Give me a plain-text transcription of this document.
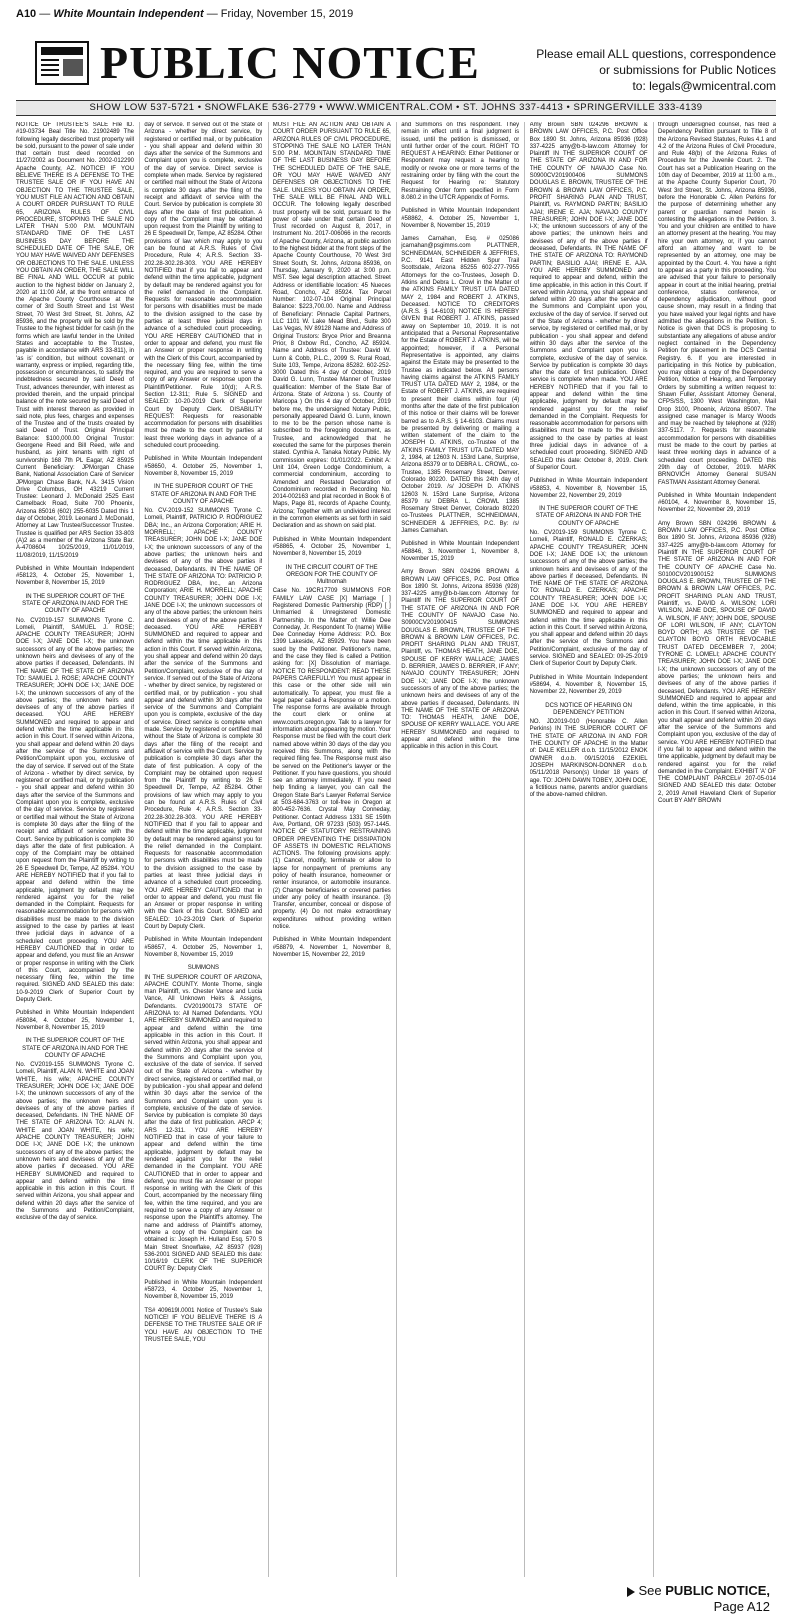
A10 — White Mountain Independent — Friday, November 15, 2019
PUBLIC NOTICE	Please email ALL questions, correspondence
or submissions for Public Notices
to: legals@wmicentral.com
SHOW LOW 537-5721 • SNOWFLAKE 536-2779 • WWW.WMICENTRAL.COM • ST. JOHNS 337-4413 • SPRINGERVILLE 333-4139
NOTICE OF TRUSTEE'S SALE File ID. #19-03734 Beal Title No. 21902489 The following legally described trust property will be sold, pursuant to the power of sale under that certain trust deed recorded on 11/27/2002 as Document No. 2002-012290 Apache County, AZ. NOTICE! IF YOU BELIEVE THERE IS A DEFENSE TO THE TRUSTEE SALE OR IF YOU HAVE AN OBJECTION TO THE TRUSTEE SALE, YOU MUST FILE AN ACTION AND OBTAIN A COURT ORDER PURSUANT TO RULE 65, ARIZONA RULES OF CIVIL PROCEDURE, STOPPING THE SALE NO LATER THAN 5:00 P.M. MOUNTAIN STANDARD TIME OF THE LAST BUSINESS DAY BEFORE THE SCHEDULED DATE OF THE SALE, OR YOU MAY HAVE WAIVED ANY DEFENSES OR OBJECTIONS TO THE SALE. UNLESS YOU OBTAIN AN ORDER, THE SALE WILL BE FINAL AND WILL OCCUR at public auction to the highest bidder on January 2, 2020 at 11:00 AM, at the front entrance of the Apache County Courthouse at the corner of 3rd South Street and 1st West Street, 70 West 3rd Street, St. Johns, AZ 85936, and the property will be sold by the Trustee to the highest bidder for cash (in the forms which are lawful tender in the United States and acceptable to the Trustee, payable in accordance with ARS 33-811), in 'as is' condition, but without covenant or warranty, express or implied, regarding title, possession or encumbrances, to satisfy the indebtedness secured by said Deed of Trust, advances thereunder, with interest as provided therein, and the unpaid principal balance of the note secured by said Deed of Trust with interest thereon as provided in said note, plus fees, charges and expenses of the Trustee and of the trusts created by said Deed of Trust. Original Principal Balance: $100,000.00 Original Trustor: Georgene Reed and Bill Reed, wife and husband, as joint tenants with right of survivorship 168 7th PL Eagar, AZ 85925 Current Beneficiary: JPMorgan Chase Bank, National Association Care of Servicer JPMorgan Chase Bank, N.A. 3415 Vision Drive Columbus, OH 43219 Current Trustee: Leonard J. McDonald 2525 East Camelback Road, Suite 700 Phoenix, Arizona 85016 (602) 255-6035 Dated this 1 day of October, 2019. Leonard J. McDonald, Attorney at Law Trustee/Successor Trustee. Trustee is qualified per ARS Section 33-803 (A)2 as a member of the Arizona State Bar. A-4708604 10/25/2019, 11/01/2019, 11/08/2019, 11/15/2019
Published in White Mountain Independent #58123, 4. October 25, November 1, November 8, November 15, 2019
IN THE SUPERIOR COURT OF THE STATE OF ARIZONA IN AND FOR THE COUNTY OF APACHE
No. CV2019-157 SUMMONS Tyrone C. Lomeli, Plaintiff, SAMUEL J. ROSE; APACHE COUNTY TREASURER; JOHN DOE I-X; JANE DOE I-X; the unknown successors of any of the above parties; the unknown heirs and devisees of any of the above parties if deceased, Defendants. IN THE NAME OF THE STATE OF ARIZONA TO: SAMUEL J. ROSE; APACHE COUNTY TREASURER; JOHN DOE I-X; JANE DOE I-X; the unknown successors of any of the above parties; the unknown heirs and devisees of any of the above parties if deceased. YOU ARE HEREBY SUMMONED and required to appear and defend within the time applicable in this action in this Court. If served within Arizona, you shall appear and defend within 20 days after the service of the Summons and Petition/Complaint upon you, exclusive of the day of service. If served out of the State of Arizona - whether by direct service, by registered or certified mail, or by publication - you shall appear and defend within 30 days after the service of the Summons and Complaint upon you is complete, exclusive of the day of service. Service by registered or certified mail without the State of Arizona is complete 30 days after the filing of the receipt and affidavit of service with the Court. Service by publication is complete 30 days after the date of first publication. A copy of the Complaint may be obtained upon request from the Plaintiff by writing to 26 E Speedwell Dr, Tempe, AZ 85284. YOU ARE HEREBY NOTIFIED that if you fail to appear and defend within the time applicable, judgment by default may be rendered against you for the relief demanded in the Complaint. Requests for reasonable accommodation for persons with disabilities must be made to the division assigned to the case by parties at least three judicial days in advance of a scheduled court proceeding. YOU ARE HEREBY CAUTIONED that in order to appear and defend, you must file an Answer or proper response in writing with the Clerk of this Court, accompanied by the necessary filing fee, within the time required. SIGNED AND SEALED this date: 10-9-2019 Clerk of Superior Court by Deputy Clerk.
Published in White Mountain Independent #58084, 4. October 25, November 1, November 8, November 15, 2019
IN THE SUPERIOR COURT OF THE STATE OF ARIZONA IN AND FOR THE COUNTY OF APACHE
No. CV2019-155 SUMMONS Tyrone C. Lomeli, Plaintiff, ALAN N. WHITE and JOAN WHITE, his wife; APACHE COUNTY TREASURER; JOHN DOE I-X; JANE DOE I-X; the unknown successors of any of the above parties; the unknown heirs and devisees of any of the above parties if deceased, Defendants. IN THE NAME OF THE STATE OF ARIZONA TO: ALAN N. WHITE and JOAN WHITE, his wife; APACHE COUNTY TREASURER; JOHN DOE I-X; JANE DOE I-X; the unknown successors of any of the above parties; the unknown heirs and devisees of any of the above parties if deceased. YOU ARE HEREBY SUMMONED and required to appear and defend within the time applicable in this action in this Court. If served within Arizona, you shall appear and defend within 20 days after the service of the Summons and Petition/Complaint, exclusive of the day of service.
day of service. If served out of the State of Arizona - whether by direct service, by registered or certified mail, or by publication - you shall appear and defend within 30 days after the service of the Summons and Complaint upon you is complete, exclusive of the day of service. Direct service is complete when made. Service by registered or certified mail without the State of Arizona is complete 30 days after the filing of the receipt and affidavit of service with the Court. Service by publication is complete 30 days after the date of first publication. A copy of the Complaint may be obtained upon request from the Plaintiff by writing to 26 E Speedwell Dr, Tempe, AZ 85284. Other provisions of law which may apply to you can be found at A.R.S. Rules of Civil Procedure, Rule 4; A.R.S. Section 33-202.28-302.28-303. YOU ARE HEREBY NOTIFIED that if you fail to appear and defend within the time applicable, judgment by default may be rendered against you for the relief demanded in the Complaint. Requests for reasonable accommodation for persons with disabilities must be made to the division assigned to the case by parties at least three judicial days in advance of a scheduled court proceeding. YOU ARE HEREBY CAUTIONED that in order to appear and defend, you must file an Answer or proper response in writing with the Clerk of this Court, accompanied by the necessary filing fee, within the time required, and you are required to serve a copy of any Answer or response upon the Plaintiff/Petitioner. Rule 10(d); A.R.S. Section 12-311; Rule 5. SIGNED and SEALED: 10-20-2019 Clerk of Superior Court by Deputy Clerk. DISABILITY REQUEST: Requests for reasonable accommodation for persons with disabilities must be made to the court by parties at least three working days in advance of a scheduled court proceeding.
Published in White Mountain Independent #58650, 4. October 25, November 1, November 8, November 15, 2019
IN THE SUPERIOR COURT OF THE STATE OF ARIZONA IN AND FOR THE COUNTY OF APACHE
No. CV-2019-152 SUMMONS Tyrone C. Lomeli, Plaintiff, PATRICIO P. RODRIGUEZ DBA; Inc., an Arizona Corporation; ARIE H. MORRELL; APACHE COUNTY TREASURER; JOHN DOE I-X; JANE DOE I-X; the unknown successors of any of the above parties; the unknown heirs and devisees of any of the above parties if deceased, Defendants. IN THE NAME OF THE STATE OF ARIZONA TO: PATRICIO P. RODRIGUEZ DBA, Inc., an Arizona Corporation; ARIE H. MORRELL; APACHE COUNTY TREASURER; JOHN DOE I-X; JANE DOE I-X; the unknown successors of any of the above parties; the unknown heirs and devisees of any of the above parties if deceased. YOU ARE HEREBY SUMMONED and required to appear and defend within the time applicable in this action in this Court. If served within Arizona, you shall appear and defend within 20 days after the service of the Summons and Petition/Complaint, exclusive of the day of service. If served out of the State of Arizona - whether by direct service, by registered or certified mail, or by publication - you shall appear and defend within 30 days after the service of the Summons and Complaint upon you is complete, exclusive of the day of service. Direct service is complete when made. Service by registered or certified mail without the State of Arizona is complete 30 days after the filing of the receipt and affidavit of service with the Court. Service by publication is complete 30 days after the date of first publication. A copy of the Complaint may be obtained upon request from the Plaintiff by writing to 26 E Speedwell Dr, Tempe, AZ 85284. Other provisions of law which may apply to you can be found at A.R.S. Rules of Civil Procedure, Rule 4; A.R.S. Section 33-202.28-302.28-303. YOU ARE HEREBY NOTIFIED that if you fail to appear and defend within the time applicable, judgment by default may be rendered against you for the relief demanded in the Complaint. Requests for reasonable accommodation for persons with disabilities must be made to the division assigned to the case by parties at least three judicial days in advance of a scheduled court proceeding. YOU ARE HEREBY CAUTIONED that in order to appear and defend, you must file an Answer or proper response in writing with the Clerk of this Court. SIGNED and SEALED: 10-23-2019 Clerk of Superior Court by Deputy Clerk.
Published in White Mountain Independent #58657, 4. October 25, November 1, November 8, November 15, 2019
SUMMONS
IN THE SUPERIOR COURT OF ARIZONA, APACHE COUNTY. Monte Thorne, single man Plaintiff, vs. Chester Vance and Lucia Vance, All Unknown Heirs & Assigns, Defendants. CV201900173 STATE OF ARIZONA to: All Named Defendants. YOU ARE HEREBY SUMMONED and required to appear and defend within the time applicable in this action in this Court. If served within Arizona, you shall appear and defend within 20 days after the service of the Summons and Complaint upon you, exclusive of the date of service. If served out of the State of Arizona - whether by direct service, registered or certified mail, or by publication - you shall appear and defend within 30 days after the service of the Summons and Complaint upon you is complete, exclusive of the date of service. Service by publication is complete 30 days after the date of first publication. ARCP 4; ARS 12-311. YOU ARE HEREBY NOTIFIED that in case of your failure to appear and defend within the time applicable, judgment by default may be rendered against you for the relief demanded in the Complaint. YOU ARE CAUTIONED that in order to appear and defend, you must file an Answer or proper response in writing with the Clerk of this Court, accompanied by the necessary filing fee, within the time required, and you are required to serve a copy of any Answer or response upon the Plaintiff's attorney. The name and address of Plaintiff's attorney, where a copy of the Complaint can be obtained is: Joseph H. Hulland Esq. 570 S Main Street Snowflake, AZ 85937 (928) 536-2001 SIGNED AND SEALED this date: 10/16/19 CLERK OF THE SUPERIOR COURT By: Deputy Clerk
Published in White Mountain Independent #58723, 4. October 25, November 1, November 8, November 15, 2019
TS# 409619I.0001 Notice of Trustee's Sale NOTICE! IF YOU BELIEVE THERE IS A DEFENSE TO THE TRUSTEE SALE OR IF YOU HAVE AN OBJECTION TO THE TRUSTEE SALE, YOU
MUST FILE AN ACTION AND OBTAIN A COURT ORDER PURSUANT TO RULE 65, ARIZONA RULES OF CIVIL PROCEDURE, STOPPING THE SALE NO LATER THAN 5:00 P.M. MOUNTAIN STANDARD TIME OF THE LAST BUSINESS DAY BEFORE THE SCHEDULED DATE OF THE SALE, OR YOU MAY HAVE WAIVED ANY DEFENSES OR OBJECTIONS TO THE SALE. UNLESS YOU OBTAIN AN ORDER, THE SALE WILL BE FINAL AND WILL OCCUR. The following legally described trust property will be sold, pursuant to the power of sale under that certain Deed of Trust recorded on August 8, 2017, in Instrument No. 2017-006066 in the records of Apache County, Arizona, at public auction to the highest bidder at the front steps of the Apache County Courthouse, 70 West 3rd Street South, St. Johns, Arizona 85936, on Thursday, January 9, 2020 at 3:00 p.m. MST. See legal description attached. Street Address or identifiable location: 45 Nueces Road, Concho, AZ 85924. Tax Parcel Number: 102-07-104 Original Principal Balance: $223,700.00. Name and Address of Beneficiary: Pinnacle Capital Partners, LLC 1101 W. Lake Mead Blvd., Suite 300 Las Vegas, NV 89128 Name and Address of Original Trustors: Bryce Prior and Breanna Prior, 8 Oxbow Rd., Concho, AZ 85924. Name and Address of Trustee: David W. Lunn & Cobb, P.L.C., 2099 S. Rural Road, Suite 103, Tempe, Arizona 85282. 602-252-3000 Dated this 4 day of October, 2019 David G. Lunn, Trustee Manner of Trustee qualification: Member of the State Bar of Arizona. State of Arizona ) ss. County of Maricopa ) On this 4 day of October, 2019 before me, the undersigned Notary Public, personally appeared David G. Lunn, known to me to be the person whose name is subscribed to the foregoing document, as Trustee, and acknowledged that he executed the same for the purposes therein stated. Cynthia A. Tanaka Notary Public. My commission expires: 01/01/2022. Exhibit A: Unit 104, Green Lodge Condominium, a commercial condominium, according to Amended and Restated Declaration of Condominium recorded in Recording No. 2014-002163 and plat recorded in Book 6 of Maps, Page 81, records of Apache County, Arizona; Together with an undivided interest in the common elements as set forth in said Declaration and as shown on said plat.
Published in White Mountain Independent #58865, 4. October 25, November 1, November 8, November 15, 2019
IN THE CIRCUIT COURT OF THE OREGON FOR THE COUNTY OF Multnomah
Case No. 19CR17709 SUMMONS FOR FAMILY LAW CASE [X] Marriage [ ] Registered Domestic Partnership (RDP) [ ] Unmarried & Unregistered Domestic Partnership. In the Matter of: Willie Dee Conneday, Jr. Respondent To (name) Willie Dee Conneday Home Address: P.O. Box 1399 Lakeside, AZ 85929. You have been sued by the Petitioner. Petitioner's name, and the case they filed is called a Petition asking for: [X] Dissolution of marriage. NOTICE TO RESPONDENT: READ THESE PAPERS CAREFULLY! You must appear in this case or the other side will win automatically. To appear, you must file a legal paper called a Response or a motion. The response forms are available through the court clerk or online at www.courts.oregon.gov. Talk to a lawyer for information about appearing by motion. Your Response must be filed with the court clerk named above within 30 days of the day you received this Summons, along with the required filing fee. The Response must also be served on the Petitioner's lawyer or the Petitioner. If you have questions, you should see an attorney immediately. If you need help finding a lawyer, you can call the Oregon State Bar's Lawyer Referral Service at 503-684-3763 or toll-free in Oregon at 800-452-7636. Crystal May Conneday, Petitioner. Contact Address 1331 SE 159th Ave, Portland, OR 97233 (503) 957-1445. NOTICE OF STATUTORY RESTRAINING ORDER PREVENTING THE DISSIPATION OF ASSETS IN DOMESTIC RELATIONS ACTIONS. The following provisions apply: (1) Cancel, modify, terminate or allow to lapse for nonpayment of premiums any policy of health insurance, homeowner or renter insurance, or automobile insurance. (2) Change beneficiaries or covered parties under any policy of health insurance. (3) Transfer, encumber, conceal or dispose of property. (4) Do not make extraordinary expenditures without providing written notice.
Published in White Mountain Independent #58879, 4. November 1, November 8, November 15, November 22, 2019
and Summons on this respondent. They remain in effect until a final judgment is issued, until the petition is dismissed, or until further order of the court. RIGHT TO REQUEST A HEARING: Either Petitioner or Respondent may request a hearing to modify or revoke one or more terms of the restraining order by filing with the court the Request for Hearing re: Statutory Restraining Order form specified in Form 8.080.2 in the UTCR Appendix of Forms.
Published in White Mountain Independent #58862, 4. October 25, November 1, November 8, November 15, 2019
James Carnahan, Esq. # 025086 jcarnahan@psgimms.com PLATTNER, SCHNEIDMAN, SCHNEIDER & JEFFRIES, P.C. 9141 East Hidden Spur Trail Scottsdale, Arizona 85255 602-277-7955 Attorneys for the co-Trustees, Joseph D. Atkins and Debra L. Crowl in the Matter of the ATKINS FAMILY TRUST UTA DATED MAY 2, 1984 and ROBERT J. ATKINS, Deceased. NOTICE TO CREDITORS (A.R.S. § 14-6103) NOTICE IS HEREBY GIVEN that ROBERT J. ATKINS, passed away on September 10, 2019. It is not anticipated that a Personal Representative for the Estate of ROBERT J. ATKINS, will be appointed; however, if a Personal Representative is appointed, any claims against the Estate may be presented to the Trustee as indicated below. All persons having claims against the ATKINS FAMILY TRUST UTA DATED MAY 2, 1984, or the Estate of ROBERT J. ATKINS, are required to present their claims within four (4) months after the date of the first publication of this notice or their claims will be forever barred as to A.R.S. § 14-6103. Claims must be presented by delivering or mailing a written statement of the claim to the JOSEPH D. ATKINS, co-Trustee of the ATKINS FAMILY TRUST UTA DATED MAY 2, 1984, at 12603 N. 153rd Lane, Surprise, Arizona 85379 or to DEBRA L. CROWL, co-Trustee, 1385 Rosemary Street, Denver, Colorado 80220. DATED this 24th day of October 2019. /s/ JOSEPH D. ATKINS 12603 N. 153rd Lane Surprise, Arizona 85379 /s/ DEBRA L. CROWL 1385 Rosemary Street Denver, Colorado 80220 co-Trustees PLATTNER, SCHNEIDMAN, SCHNEIDER & JEFFRIES, P.C. By: /s/ James Carnahan.
Published in White Mountain Independent #58846, 3. November 1, November 8, November 15, 2019
Amy Brown SBN 024296 BROWN & BROWN LAW OFFICES, P.C. Post Office Box 1890 St. Johns, Arizona 85936 (928) 337-4225 amy@b-b-law.com Attorney for Plaintiff IN THE SUPERIOR COURT OF THE STATE OF ARIZONA IN AND FOR THE COUNTY OF NAVAJO Case No. S0900CV201900415 SUMMONS DOUGLAS E. BROWN, TRUSTEE OF THE BROWN & BROWN LAW OFFICES, P.C. PROFIT SHARING PLAN AND TRUST, Plaintiff, vs. THOMAS HEATH, JANE DOE, SPOUSE OF KERRY WALLACE; JAMES D. BERRIER, JAMES D. BERRIER, IF ANY; NAVAJO COUNTY TREASURER; JOHN DOE I-X; JANE DOE I-X; the unknown successors of any of the above parties; the unknown heirs and devisees of any of the above parties if deceased, Defendants. IN THE NAME OF THE STATE OF ARIZONA TO: THOMAS HEATH, JANE DOE, SPOUSE OF KERRY WALLACE. YOU ARE HEREBY SUMMONED and required to appear and defend within the time applicable in this action in this Court.
Amy Brown SBN 024296 BROWN & BROWN LAW OFFICES, P.C. Post Office Box 1890 St. Johns, Arizona 85936 (928) 337-4225 amy@b-b-law.com Attorney for Plaintiff IN THE SUPERIOR COURT OF THE STATE OF ARIZONA IN AND FOR THE COUNTY OF NAVAJO Case No. S0900CV201900406 SUMMONS DOUGLAS E. BROWN, TRUSTEE OF THE BROWN & BROWN LAW OFFICES, P.C. PROFIT SHARING PLAN AND TRUST, Plaintiff, vs. RAYMOND PARTIN; BASILIO AJAI; IRENE E. AJA; NAVAJO COUNTY TREASURER; JOHN DOE I-X; JANE DOE I-X; the unknown successors of any of the above parties; the unknown heirs and devisees of any of the above parties if deceased, Defendants. IN THE NAME OF THE STATE OF ARIZONA TO: RAYMOND PARTIN; BASILIO AJAI; IRENE E. AJA. YOU ARE HEREBY SUMMONED and required to appear and defend, within the time applicable, in this action in this Court. If served within Arizona, you shall appear and defend within 20 days after the service of the Summons and Complaint upon you, exclusive of the day of service. If served out of the State of Arizona - whether by direct service, by registered or certified mail, or by publication - you shall appear and defend within 30 days after the service of the Summons and Complaint upon you is complete, exclusive of the day of service. Service by publication is complete 30 days after the date of first publication. Direct service is complete when made. YOU ARE HEREBY NOTIFIED that if you fail to appear and defend within the time applicable, judgment by default may be rendered against you for the relief demanded in the Complaint. Requests for reasonable accommodation for persons with disabilities must be made to the division assigned to the case by parties at least three judicial days in advance of a scheduled court proceeding. SIGNED AND SEALED this date: October 8, 2019. Clerk of Superior Court.
Published in White Mountain Independent #58853, 4. November 8, November 15, November 22, November 29, 2019
IN THE SUPERIOR COURT OF THE STATE OF ARIZONA IN AND FOR THE COUNTY OF APACHE
No. CV2019-159 SUMMONS Tyrone C. Lomeli, Plaintiff, RONALD E. CZERKAS; APACHE COUNTY TREASURER; JOHN DOE I-X; JANE DOE I-X; the unknown successors of any of the above parties; the unknown heirs and devisees of any of the above parties if deceased, Defendants. IN THE NAME OF THE STATE OF ARIZONA TO: RONALD E. CZERKAS; APACHE COUNTY TREASURER; JOHN DOE I-X; JANE DOE I-X. YOU ARE HEREBY SUMMONED and required to appear and defend within the time applicable in this action in this Court. If served within Arizona, you shall appear and defend within 20 days after the service of the Summons and Petition/Complaint, exclusive of the day of service. SIGNED and SEALED: 09-25-2019 Clerk of Superior Court by Deputy Clerk.
Published in White Mountain Independent #58694, 4. November 8, November 15, November 22, November 29, 2019
DCS NOTICE OF HEARING ON DEPENDENCY PETITION
NO. JD2019-010 (Honorable C. Allen Perkins) IN THE SUPERIOR COURT OF THE STATE OF ARIZONA IN AND FOR THE COUNTY OF APACHE In the Matter of: DALE KELLER d.o.b. 11/15/2012 ENOK OWNER d.o.b. 09/15/2016 EZEKIEL JOSEPH MARKINSON-DONNER d.o.b. 05/11/2018 Person(s) Under 18 years of age. TO: JOHN DAWN TOBEY, JOHN DOE, a fictitious name, parents and/or guardians of the above-named children.
through undersigned counsel, has filed a Dependency Petition pursuant to Title 8 of the Arizona Revised Statutes, Rules 4.1 and 4.2 of the Arizona Rules of Civil Procedure, and Rule 48(b) of the Arizona Rules of Procedure for the Juvenile Court. 2. The Court has set a Publication Hearing on the 10th day of December, 2019 at 11:00 a.m., at the Apache County Superior Court, 70 West 3rd Street, St. Johns, Arizona 85936, before the Honorable C. Allen Perkins for the purpose of determining whether any parent or guardian named herein is contesting the allegations in the Petition. 3. You and your children are entitled to have an attorney present at the hearing. You may hire your own attorney, or, if you cannot afford an attorney and want to be represented by an attorney, one may be appointed by the Court. 4. You have a right to appear as a party in this proceeding. You are advised that your failure to personally appear in court at the initial hearing, pretrial conference, status conference, or dependency adjudication, without good cause shown, may result in a finding that you have waived your legal rights and have admitted the allegations in the Petition. 5. Notice is given that DCS is proposing to substantiate any allegations of abuse and/or neglect contained in the Dependency Petition for placement in the DCS Central Registry. 6. If you are interested in participating in this Notice by publication, you may obtain a copy of the Dependency Petition, Notice of Hearing, and Temporary Orders by submitting a written request to: Shawn Fuller, Assistant Attorney General, CFPS/SS, 1300 West Washington, Mail Drop 3100, Phoenix, Arizona 85007. The assigned case manager is Marcy Woods and may be reached by telephone at (928) 337-5117. 7. Requests for reasonable accommodation for persons with disabilities must be made to the court by parties at least three working days in advance of a scheduled court proceeding. DATED this 29th day of October, 2019. MARK BRNOVICH Attorney General SUSAN FASTMAN Assistant Attorney General.
Published in White Mountain Independent #60104, 4. November 8, November 15, November 22, November 29, 2019
Amy Brown SBN 024296 BROWN & BROWN LAW OFFICES, P.C. Post Office Box 1890 St. Johns, Arizona 85936 (928) 337-4225 amy@b-b-law.com Attorney for Plaintiff IN THE SUPERIOR COURT OF THE STATE OF ARIZONA IN AND FOR THE COUNTY OF APACHE Case No. S0100CV201900152 SUMMONS DOUGLAS E. BROWN, TRUSTEE OF THE BROWN & BROWN LAW OFFICES, P.C. PROFIT SHARING PLAN AND TRUST, Plaintiff, vs. DAVID A. WILSON; LORI WILSON, JANE DOE, SPOUSE OF DAVID A. WILSON, IF ANY; JOHN DOE, SPOUSE OF LORI WILSON, IF ANY; CLAYTON BOYD ORTH; AS TRUSTEE OF THE CLAYTON BOYD ORTH REVOCABLE TRUST DATED DECEMBER 7, 2004; TYRONE C. LOMELI; APACHE COUNTY TREASURER; JOHN DOE I-X; JANE DOE I-X; the unknown successors of any of the above parties; the unknown heirs and devisees of any of the above parties if deceased, Defendants. YOU ARE HEREBY SUMMONED and required to appear and defend, within the time applicable, in this action in this Court. If served within Arizona, you shall appear and defend within 20 days after the service of the Summons and Complaint upon you, exclusive of the day of service. YOU ARE HEREBY NOTIFIED that if you fail to appear and defend within the time applicable, judgment by default may be rendered against you for the relief demanded in the Complaint. EXHIBIT 'A' OF THE COMPLAINT PARCEL# 207-05-014 SIGNED AND SEALED this date: October 2, 2019 Arnell Haveland Clerk of Superior Court BY AMY BROWN
See PUBLIC NOTICE,
Page A12
